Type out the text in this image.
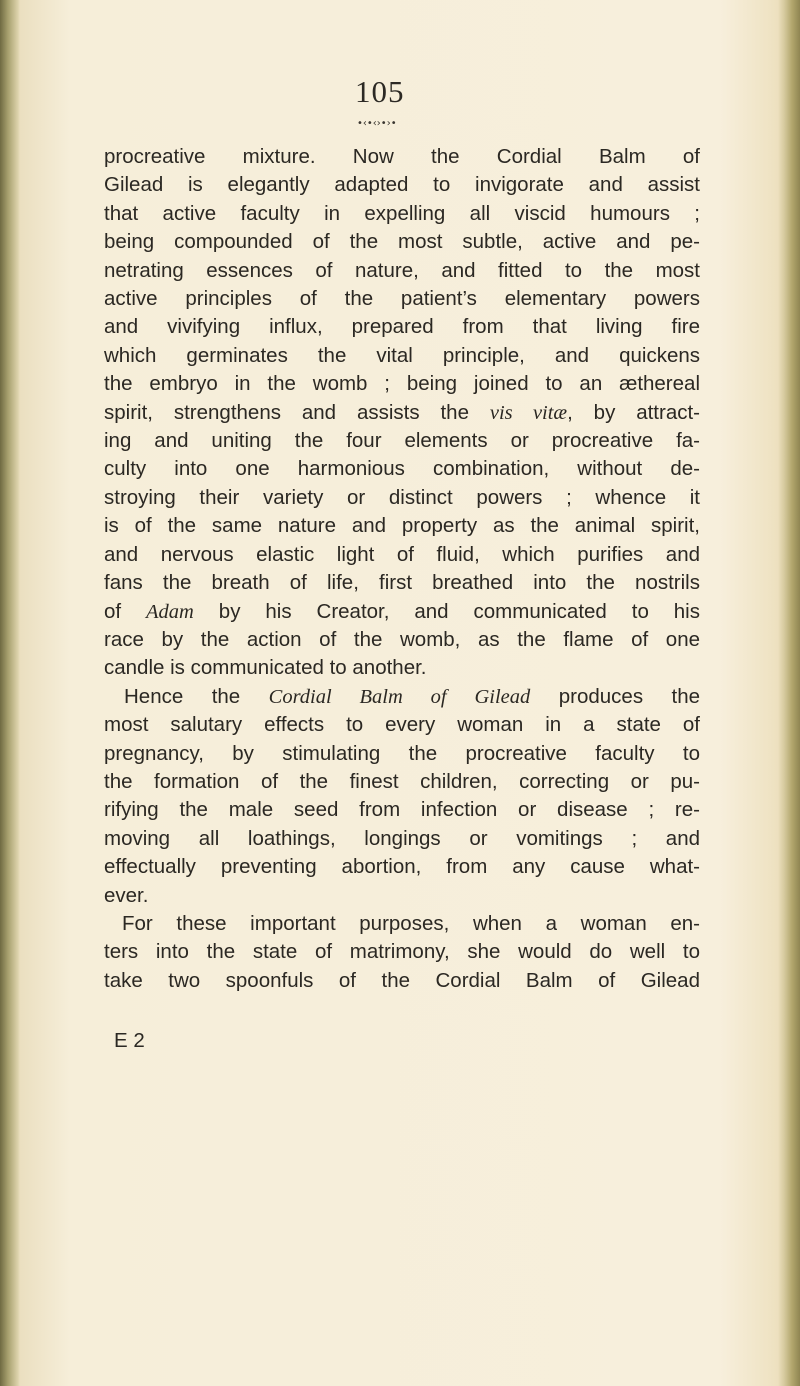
105
•‹•‹›•›•
procreative mixture. Now the Cordial Balm of
Gilead is elegantly adapted to invigorate and assist
that active faculty in expelling all viscid humours ;
being compounded of the most subtle, active and pe-
netrating essences of nature, and fitted to the most
active principles of the patient’s elementary powers
and vivifying influx, prepared from that living fire
which germinates the vital principle, and quickens
the embryo in the womb ; being joined to an æthereal
spirit, strengthens and assists the vis vitæ, by attract-
ing and uniting the four elements or procreative fa-
culty into one harmonious combination, without de-
stroying their variety or distinct powers ; whence it
is of the same nature and property as the animal spirit,
and nervous elastic light of fluid, which purifies and
fans the breath of life, first breathed into the nostrils
of Adam by his Creator, and communicated to his
race by the action of the womb, as the flame of one
candle is communicated to another.
Hence the Cordial Balm of Gilead produces the
most salutary effects to every woman in a state of
pregnancy, by stimulating the procreative faculty to
the formation of the finest children, correcting or pu-
rifying the male seed from infection or disease ; re-
moving all loathings, longings or vomitings ; and
effectually preventing abortion, from any cause what-
ever.
For these important purposes, when a woman en-
ters into the state of matrimony, she would do well to
take two spoonfuls of the Cordial Balm of Gilead
E 2
